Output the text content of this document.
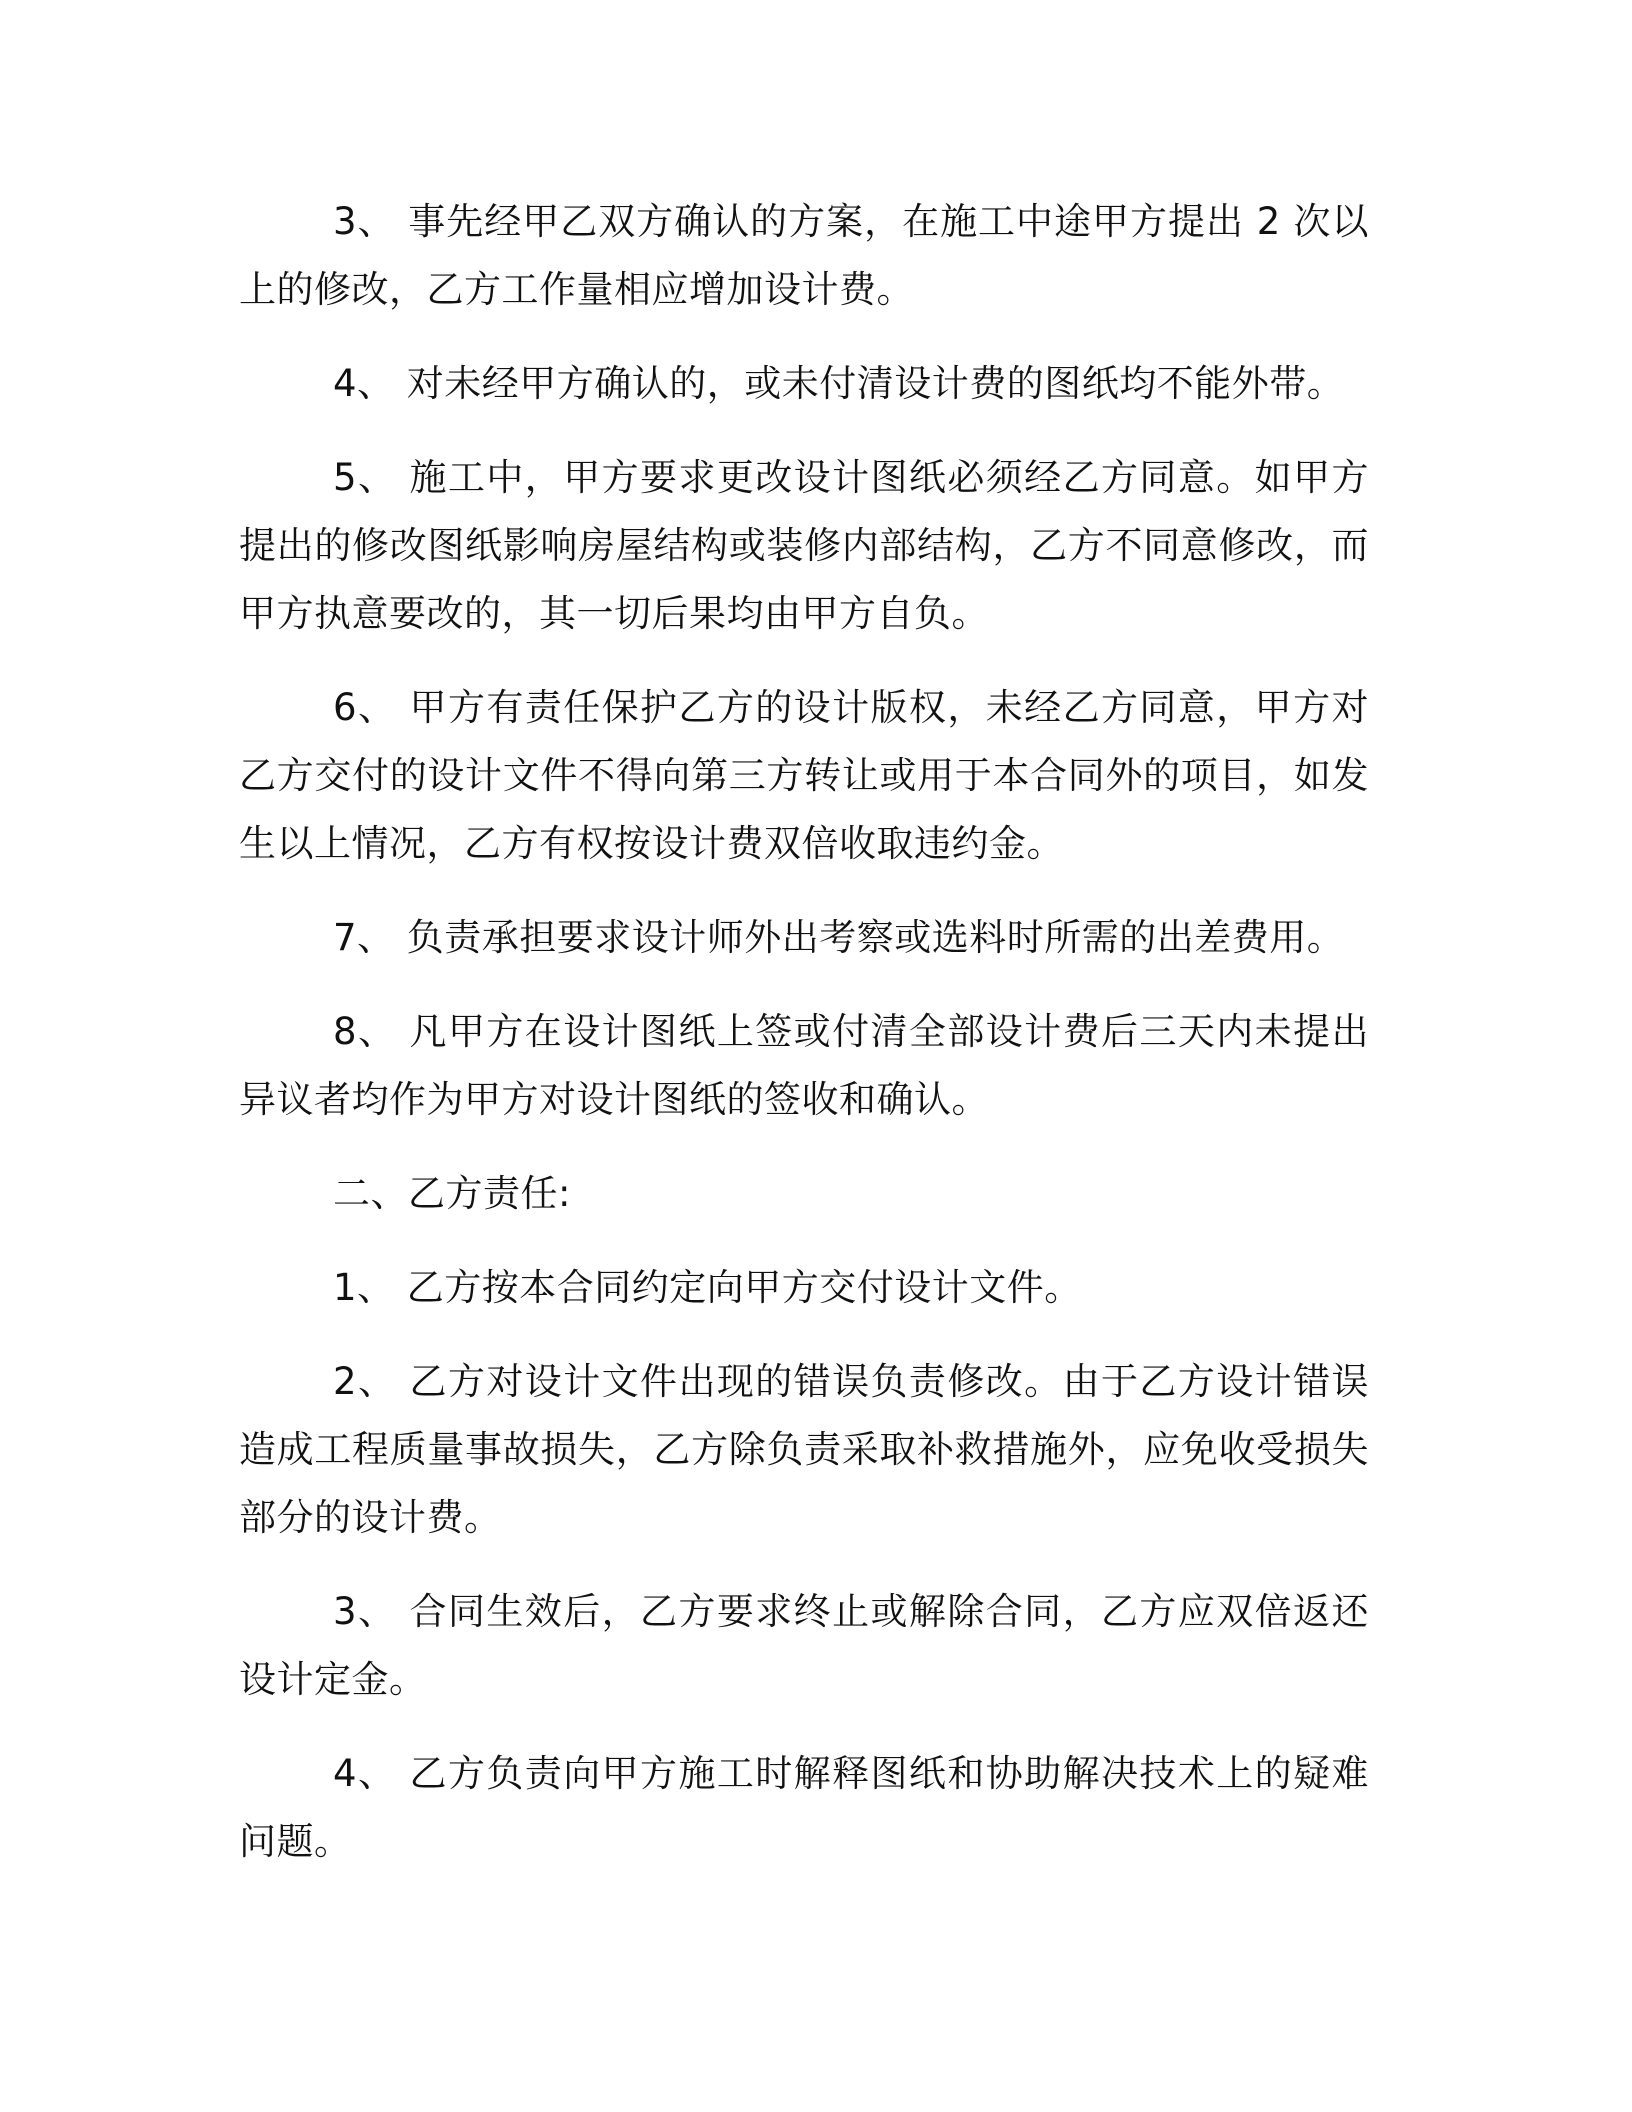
3、 事先经甲乙双方确认的方案，在施工中途甲方提出 2 次以上的修改，乙方工作量相应增加设计费。

4、 对未经甲方确认的，或未付清设计费的图纸均不能外带。

5、 施工中，甲方要求更改设计图纸必须经乙方同意。如甲方提出的修改图纸影响房屋结构或装修内部结构，乙方不同意修改，而甲方执意要改的，其一切后果均由甲方自负。

6、 甲方有责任保护乙方的设计版权，未经乙方同意，甲方对乙方交付的设计文件不得向第三方转让或用于本合同外的项目，如发生以上情况，乙方有权按设计费双倍收取违约金。

7、 负责承担要求设计师外出考察或选料时所需的出差费用。

8、 凡甲方在设计图纸上签或付清全部设计费后三天内未提出异议者均作为甲方对设计图纸的签收和确认。

二、乙方责任:

1、 乙方按本合同约定向甲方交付设计文件。

2、 乙方对设计文件出现的错误负责修改。由于乙方设计错误造成工程质量事故损失，乙方除负责采取补救措施外，应免收受损失部分的设计费。

3、 合同生效后，乙方要求终止或解除合同，乙方应双倍返还设计定金。

4、 乙方负责向甲方施工时解释图纸和协助解决技术上的疑难问题。
